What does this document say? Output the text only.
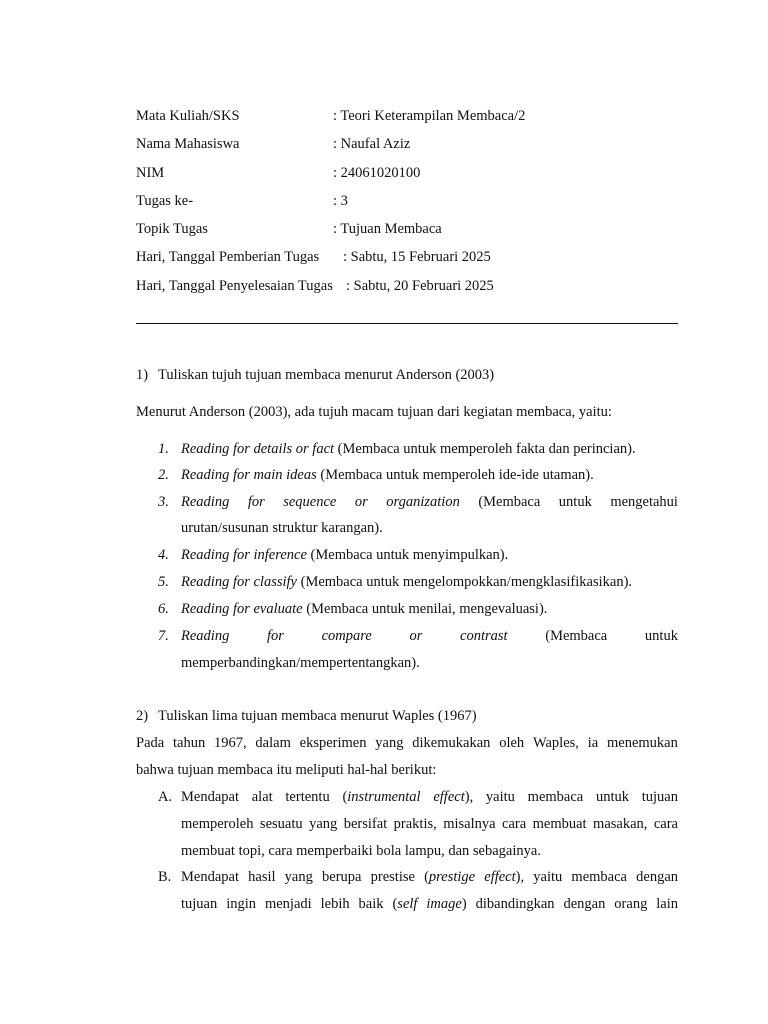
Mata Kuliah/SKS	: Teori Keterampilan Membaca/2
Nama Mahasiswa	: Naufal Aziz
NIM	: 24061020100
Tugas ke-	: 3
Topik Tugas	: Tujuan Membaca
Hari, Tanggal Pemberian Tugas : Sabtu, 15 Februari 2025
Hari, Tanggal Penyelesaian Tugas : Sabtu, 20 Februari 2025
1) Tuliskan tujuh tujuan membaca menurut Anderson (2003)
Menurut Anderson (2003), ada tujuh macam tujuan dari kegiatan membaca, yaitu:
1. Reading for details or fact (Membaca untuk memperoleh fakta dan perincian).
2. Reading for main ideas (Membaca untuk memperoleh ide-ide utaman).
3. Reading for sequence or organization (Membaca untuk mengetahui
urutan/susunan struktur karangan).
4. Reading for inference (Membaca untuk menyimpulkan).
5. Reading for classify (Membaca untuk mengelompokkan/mengklasifikasikan).
6. Reading for evaluate (Membaca untuk menilai, mengevaluasi).
7. Reading	for	compare	or	contrast	(Membaca	untuk
memperbandingkan/mempertentangkan).
2) Tuliskan lima tujuan membaca menurut Waples (1967)
Pada tahun 1967, dalam eksperimen yang dikemukakan oleh Waples, ia menemukan
bahwa tujuan membaca itu meliputi hal-hal berikut:
A. Mendapat alat tertentu (instrumental effect), yaitu membaca untuk tujuan
memperoleh sesuatu yang bersifat praktis, misalnya cara membuat masakan, cara
membuat topi, cara memperbaiki bola lampu, dan sebagainya.
B. Mendapat hasil yang berupa prestise (prestige effect), yaitu membaca dengan
tujuan ingin menjadi lebih baik (self image) dibandingkan dengan orang lain
